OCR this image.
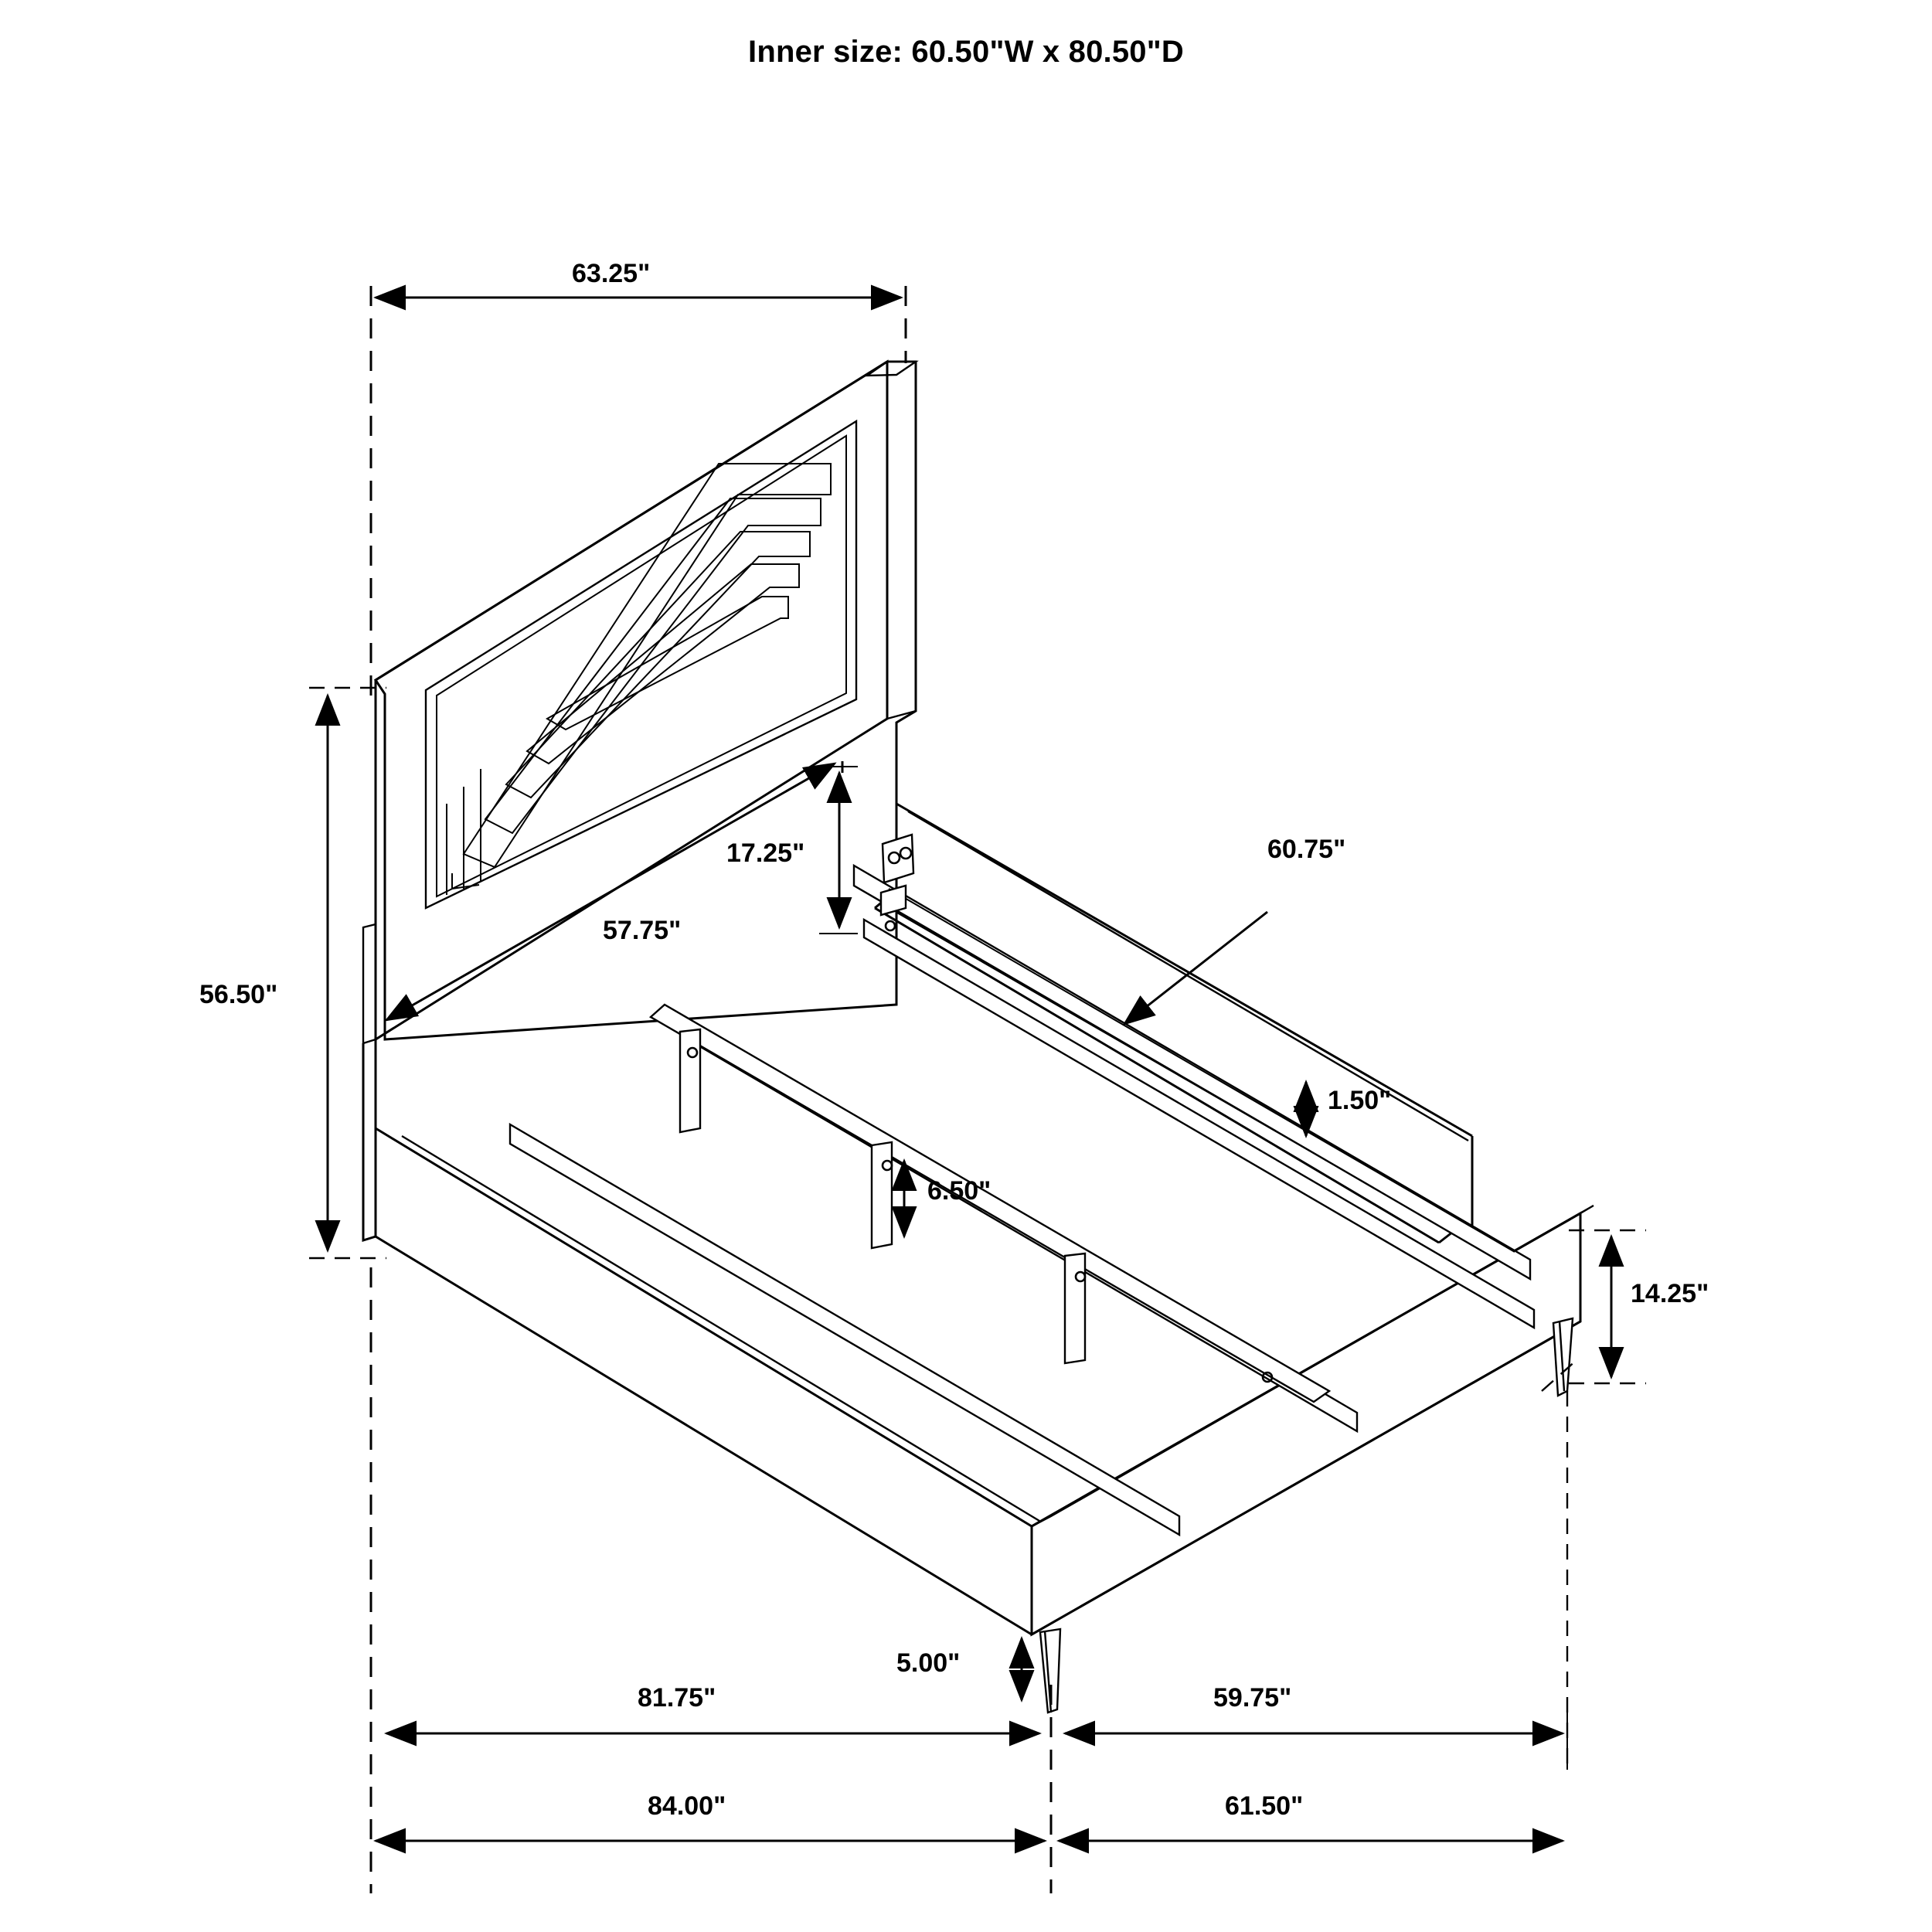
Inner size: 60.50"W x 80.50"D
63.25"
17.25"
57.75"
56.50"
60.75"
1.50"
6.50"
14.25"
5.00"
81.75"	59.75"
84.00"	61.50"
